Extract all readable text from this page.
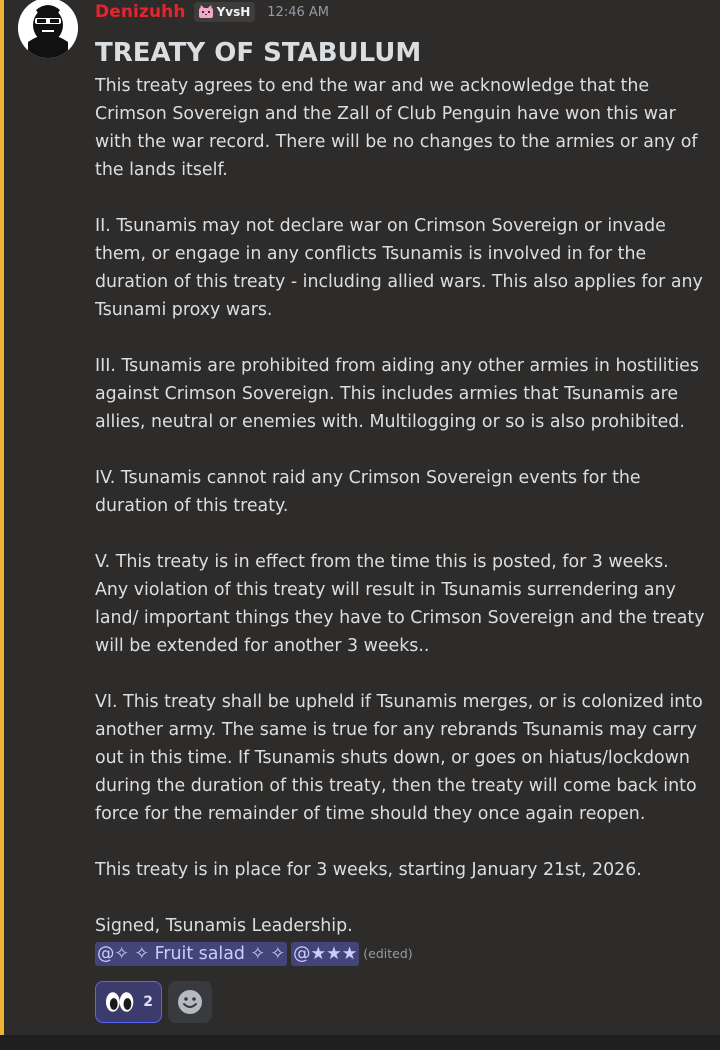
Denizuhh	YvsH 12:46 AM
TREATY OF STABULUM
This treaty agrees to end the war and we acknowledge that the Crimson Sovereign and the Zall of Club Penguin have won this war with the war record. There will be no changes to the armies or any of the lands itself.
II. Tsunamis may not declare war on Crimson Sovereign or invade them, or engage in any conflicts Tsunamis is involved in for the duration of this treaty - including allied wars. This also applies for any Tsunami proxy wars.
III. Tsunamis are prohibited from aiding any other armies in hostilities against Crimson Sovereign. This includes armies that Tsunamis are allies, neutral or enemies with. Multilogging or so is also prohibited.
IV. Tsunamis cannot raid any Crimson Sovereign events for the duration of this treaty.
V. This treaty is in effect from the time this is posted, for 3 weeks. Any violation of this treaty will result in Tsunamis surrendering any land/ important things they have to Crimson Sovereign and the treaty will be extended for another 3 weeks..
VI. This treaty shall be upheld if Tsunamis merges, or is colonized into another army. The same is true for any rebrands Tsunamis may carry out in this time. If Tsunamis shuts down, or goes on hiatus/lockdown during the duration of this treaty, then the treaty will come back into force for the remainder of time should they once again reopen.
This treaty is in place for 3 weeks, starting January 21st, 2026.
Signed, Tsunamis Leadership.
@✧ ✧ Fruit salad ✧ ✧ @★★★ (edited)
2
